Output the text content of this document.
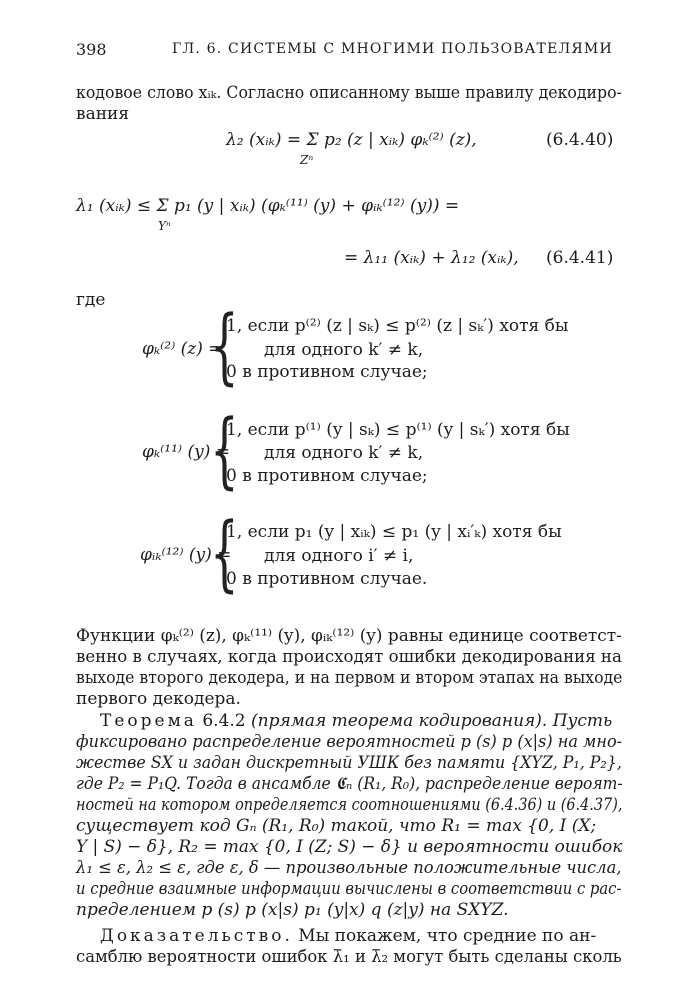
398	ГЛ. 6. СИСТЕМЫ С МНОГИМИ ПОЛЬЗОВАТЕЛЯМИ
кодовое слово xᵢₖ. Согласно описанному выше правилу декодиро-
вания
λ₂ (xᵢₖ) = Σ p₂ (z | xᵢₖ) φₖ⁽²⁾ (z),
Zⁿ
(6.4.40)
λ₁ (xᵢₖ) ≤ Σ p₁ (y | xᵢₖ) (φₖ⁽¹¹⁾ (y) + φᵢₖ⁽¹²⁾ (y)) =
Yⁿ
= λ₁₁ (xᵢₖ) + λ₁₂ (xᵢₖ), (6.4.41)
где
φₖ⁽²⁾ (z) =
{
1, если p⁽²⁾ (z | sₖ) ≤ p⁽²⁾ (z | sₖ′) хотя бы
для одного k′ ≠ k,
0 в противном случае;
φₖ⁽¹¹⁾ (y) =
{
1, если p⁽¹⁾ (y | sₖ) ≤ p⁽¹⁾ (y | sₖ′) хотя бы
для одного k′ ≠ k,
0 в противном случае;
φᵢₖ⁽¹²⁾ (y) =
{
1, если p₁ (y | xᵢₖ) ≤ p₁ (y | xᵢ′ₖ) хотя бы
для одного i′ ≠ i,
0 в противном случае.
Функции φₖ⁽²⁾ (z), φₖ⁽¹¹⁾ (y), φᵢₖ⁽¹²⁾ (y) равны единице соответст-
венно в случаях, когда происходят ошибки декодирования на
выходе второго декодера, и на первом и втором этапах на выходе
первого декодера.
Теорема 6.4.2 (прямая теорема кодирования). Пусть
фиксировано распределение вероятностей p (s) p (x|s) на мно-
жестве SX и задан дискретный УШК без памяти {XYZ, P₁, P₂},
где P₂ = P₁Q. Тогда в ансамбле 𝕮ₙ (R₁, R₀), распределение вероят-
ностей на котором определяется соотношениями (6.4.36) и (6.4.37),
существует код Gₙ (R₁, R₀) такой, что R₁ = max {0, I (X;
Y | S) − δ}, R₂ = max {0, I (Z; S) − δ} и вероятности ошибок
λ₁ ≤ ε, λ₂ ≤ ε, где ε, δ — произвольные положительные числа,
и средние взаимные информации вычислены в соответствии с рас-
пределением p (s) p (x|s) p₁ (y|x) q (z|y) на SXYZ.
Доказательство. Мы покажем, что средние по ан-
самблю вероятности ошибок λ̄₁ и λ̄₂ могут быть сделаны сколь
